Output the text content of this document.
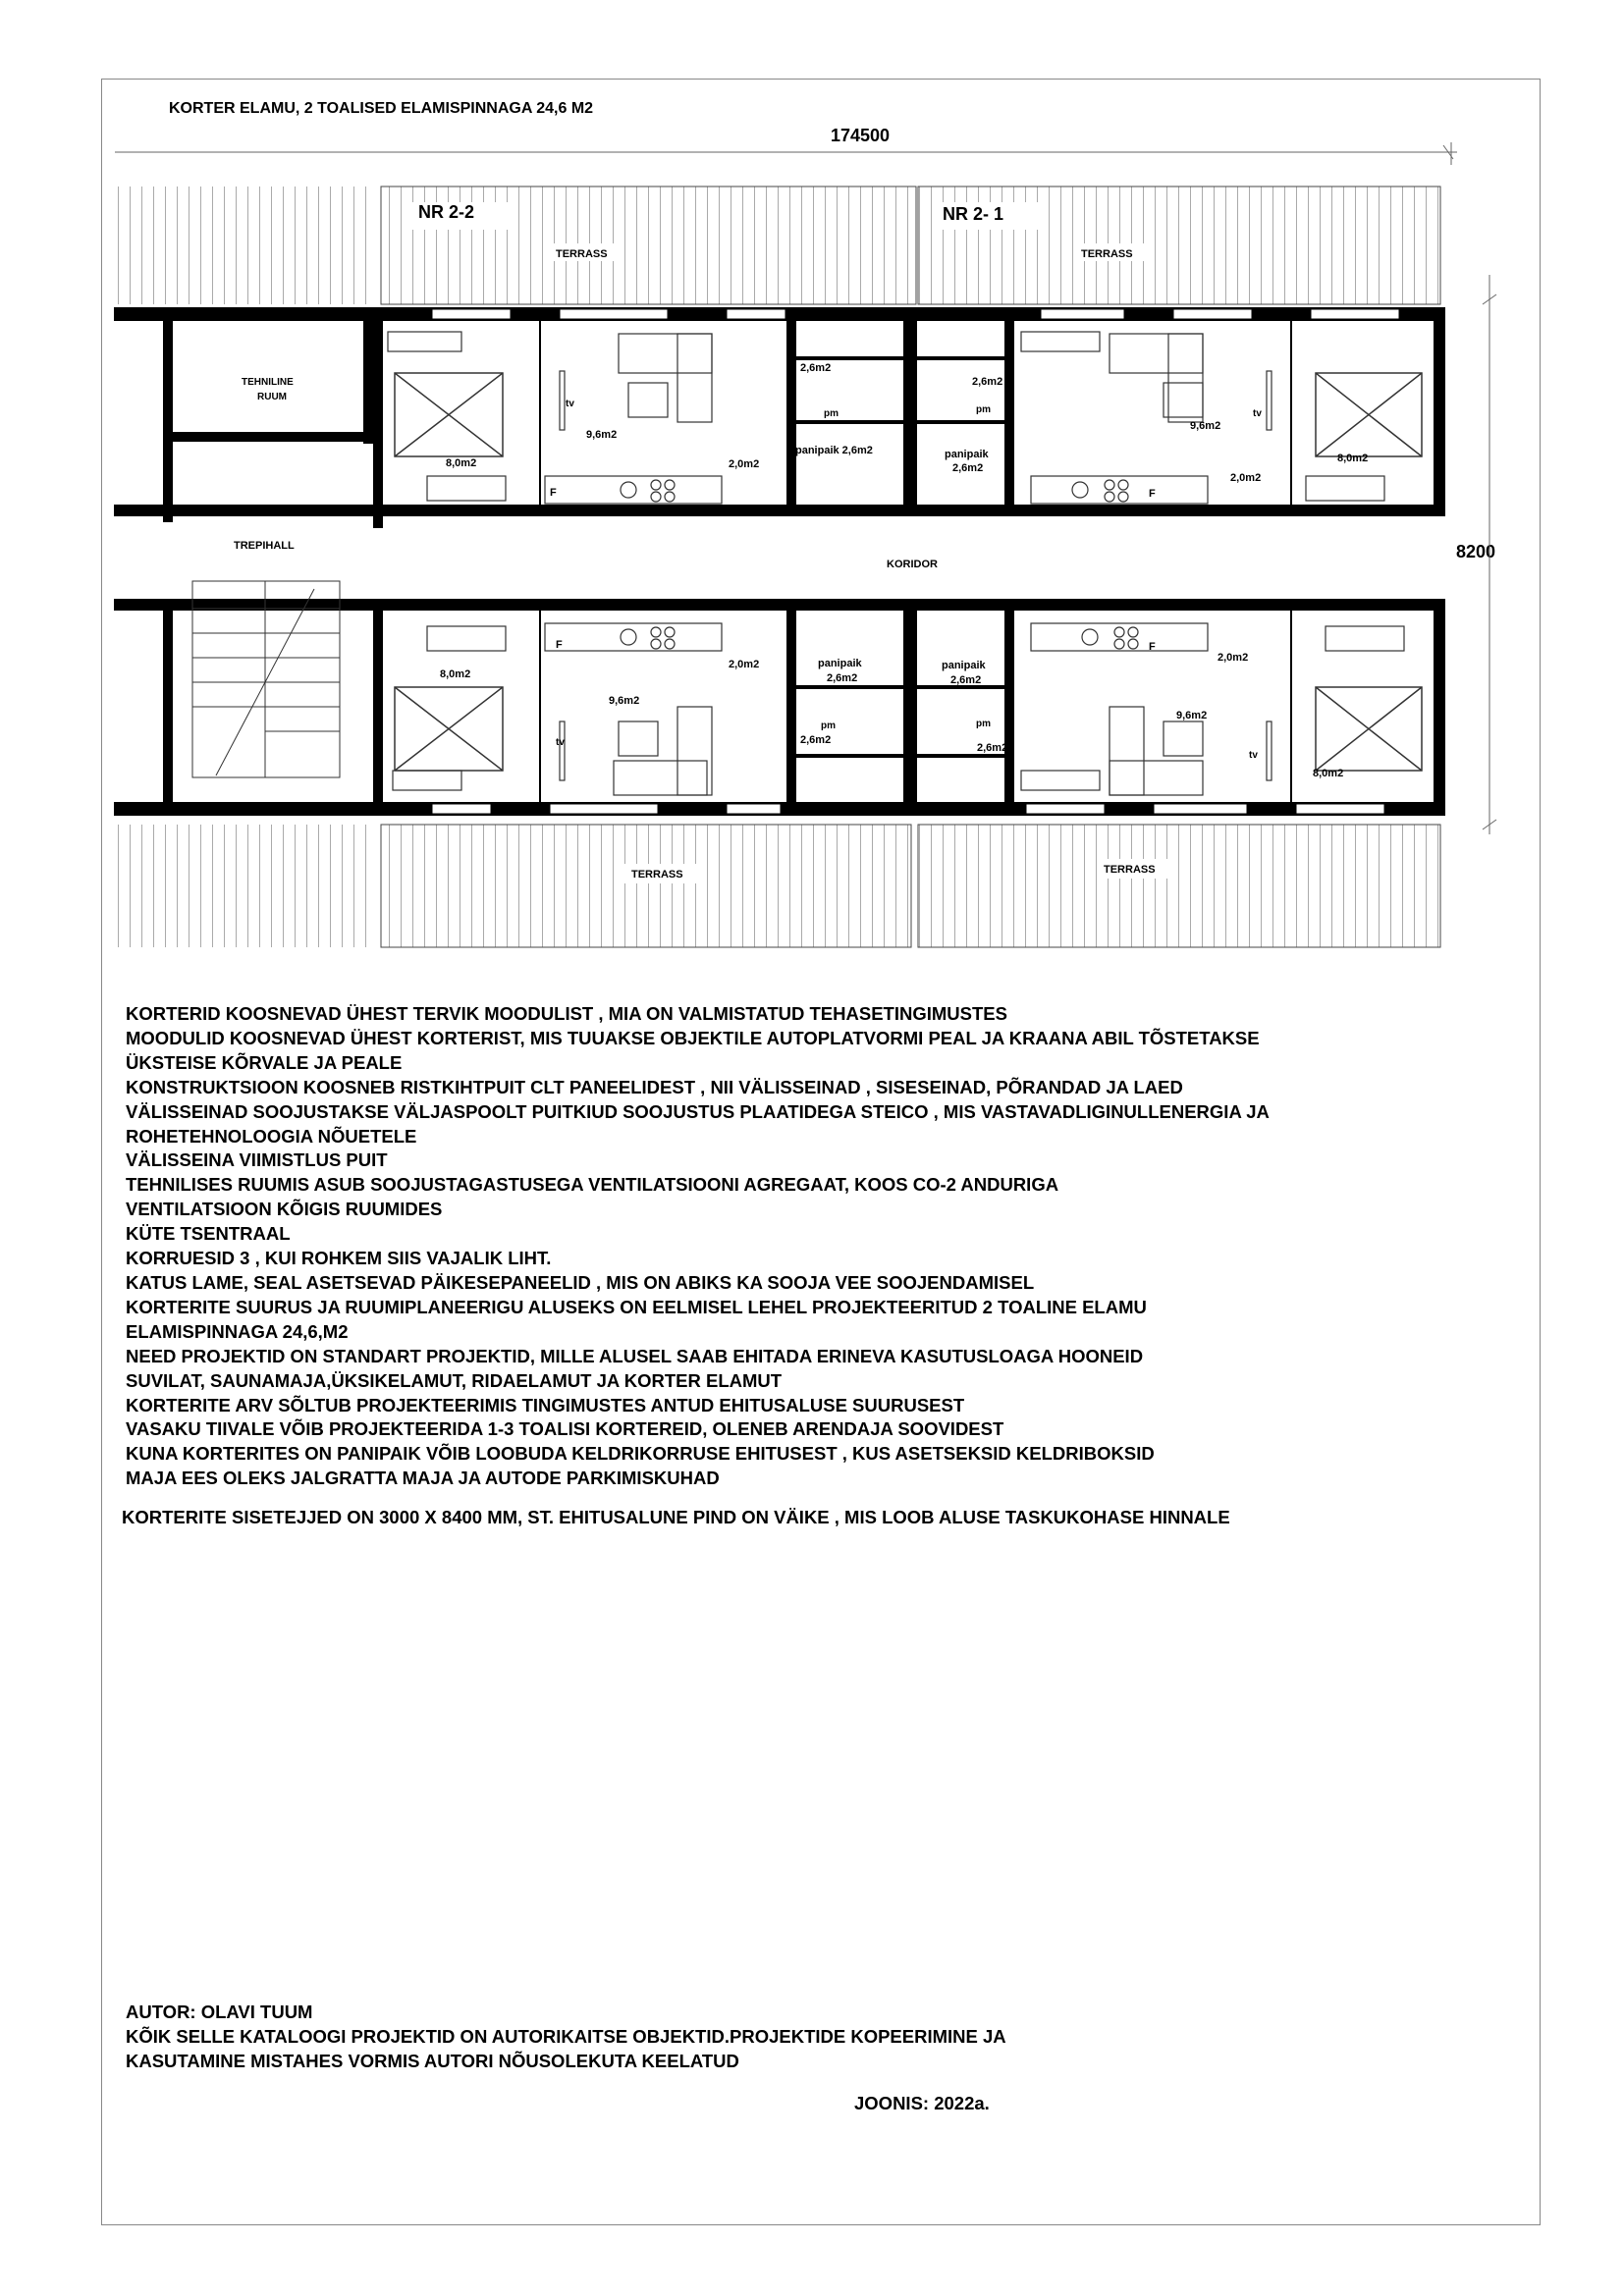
KORTER ELAMU, 2 TOALISED ELAMISPINNAGA 24,6 M2
174500
8200
NR 2-2	NR 2- 1
TERRASS	TERRASS
TERRASS	TERRASS
TEHNILINE
RUUM
TREPIHALL
KORIDOR
8,0m2
9,6m2
2,0m2
2,6m2
pm
panipaik 2,6m2
tv
F
2,6m2
pm
panipaik
2,6m2
9,6m2
tv
2,0m2
8,0m2
F
F
8,0m2
9,6m2
2,0m2
tv
panipaik
2,6m2
pm
2,6m2
panipaik
2,6m2
pm
2,6m2
F
2,0m2
9,6m2
tv
8,0m2
KORTERID KOOSNEVAD ÜHEST TERVIK MOODULIST , MIA ON VALMISTATUD TEHASETINGIMUSTES
MOODULID KOOSNEVAD ÜHEST KORTERIST, MIS TUUAKSE OBJEKTILE AUTOPLATVORMI PEAL JA KRAANA ABIL TÕSTETAKSE
ÜKSTEISE KÕRVALE JA PEALE
KONSTRUKTSIOON KOOSNEB RISTKIHTPUIT CLT PANEELIDEST , NII VÄLISSEINAD , SISESEINAD, PÕRANDAD JA LAED
VÄLISSEINAD SOOJUSTAKSE VÄLJASPOOLT PUITKIUD SOOJUSTUS PLAATIDEGA STEICO , MIS VASTAVADLIGINULLENERGIA JA
ROHETEHNOLOOGIA NÕUETELE
VÄLISSEINA VIIMISTLUS PUIT
TEHNILISES RUUMIS ASUB SOOJUSTAGASTUSEGA VENTILATSIOONI AGREGAAT, KOOS CO-2 ANDURIGA
VENTILATSIOON KÕIGIS RUUMIDES
KÜTE TSENTRAAL
KORRUESID 3 , KUI ROHKEM SIIS VAJALIK LIHT.
KATUS LAME, SEAL ASETSEVAD PÄIKESEPANEELID , MIS ON ABIKS KA SOOJA VEE SOOJENDAMISEL
KORTERITE SUURUS JA RUUMIPLANEERIGU ALUSEKS ON EELMISEL LEHEL PROJEKTEERITUD 2 TOALINE ELAMU
ELAMISPINNAGA 24,6,M2
NEED PROJEKTID ON STANDART PROJEKTID, MILLE ALUSEL SAAB EHITADA ERINEVA KASUTUSLOAGA HOONEID
SUVILAT, SAUNAMAJA,ÜKSIKELAMUT, RIDAELAMUT JA KORTER ELAMUT
KORTERITE ARV SÕLTUB PROJEKTEERIMIS TINGIMUSTES ANTUD EHITUSALUSE SUURUSEST
VASAKU TIIVALE VÕIB PROJEKTEERIDA 1-3 TOALISI KORTEREID, OLENEB ARENDAJA SOOVIDEST
KUNA KORTERITES ON PANIPAIK VÕIB LOOBUDA KELDRIKORRUSE EHITUSEST , KUS ASETSEKSID KELDRIBOKSID
MAJA EES OLEKS JALGRATTA MAJA JA AUTODE PARKIMISKUHAD
KORTERITE SISETEJJED ON 3000 X 8400 MM, ST. EHITUSALUNE PIND ON VÄIKE , MIS LOOB ALUSE TASKUKOHASE HINNALE
AUTOR: OLAVI TUUM
KÕIK SELLE KATALOOGI PROJEKTID ON AUTORIKAITSE OBJEKTID.PROJEKTIDE KOPEERIMINE JA
KASUTAMINE MISTAHES VORMIS AUTORI NÕUSOLEKUTA KEELATUD
JOONIS: 2022a.
